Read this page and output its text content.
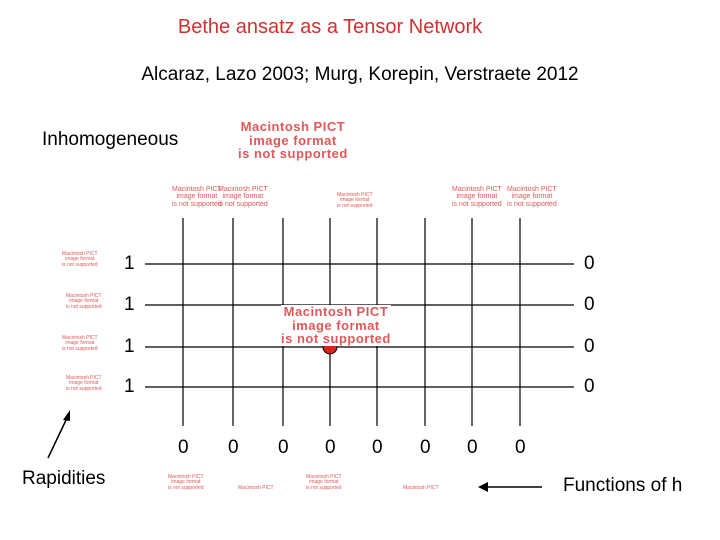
Bethe ansatz as a Tensor Network
Alcaraz, Lazo 2003; Murg, Korepin, Verstraete 2012
Inhomogeneous
Rapidities	Functions of h
1
1
1
1
0
0
0
0
0 0 0 0 0 0 0 0
Macintosh PICT
image format
is not supported
Macintosh PICT
image format
is not supported
Macintosh PICT
image format
is not supported
Macintosh PICT
image format
is not supported
Macintosh PICT
image format
is not supported
Macintosh PICT
image format
is not supported
Macintosh PICT
image format
is not supported
Macintosh PICT
image format
is not supported
Macintosh PICT
image format
is not supported
Macintosh PICT
image format
is not supported
Macintosh PICT
image format
is not supported
Macintosh PICT
image format
is not supported	Macintosh PICT
Macintosh PICT
image format
is not supported	Macintosh PICT
